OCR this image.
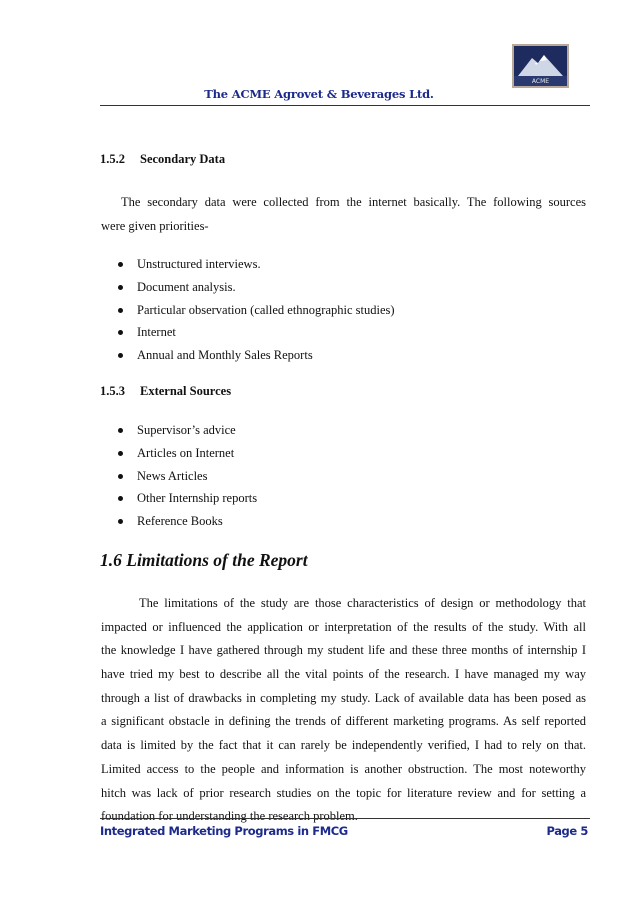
ACME
The ACME Agrovet & Beverages Ltd.
1.5.2 Secondary Data
The secondary data were collected from the internet basically. The following sources
were given priorities-
Unstructured interviews.
Document analysis.
Particular observation (called ethnographic studies)
Internet
Annual and Monthly Sales Reports
1.5.3 External Sources
Supervisor’s advice
Articles on Internet
News Articles
Other Internship reports
Reference Books
1.6 Limitations of the Report
The limitations of the study are those characteristics of design or methodology that
impacted or influenced the application or interpretation of the results of the study. With all
the knowledge I have gathered through my student life and these three months of internship I
have tried my best to describe all the vital points of the research. I have managed my way
through a list of drawbacks in completing my study. Lack of available data has been posed as
a significant obstacle in defining the trends of different marketing programs. As self reported
data is limited by the fact that it can rarely be independently verified, I had to rely on that.
Limited access to the people and information is another obstruction. The most noteworthy
hitch was lack of prior research studies on the topic for literature review and for setting a
foundation for understanding the research problem.
Integrated Marketing Programs in FMCG	Page 5
